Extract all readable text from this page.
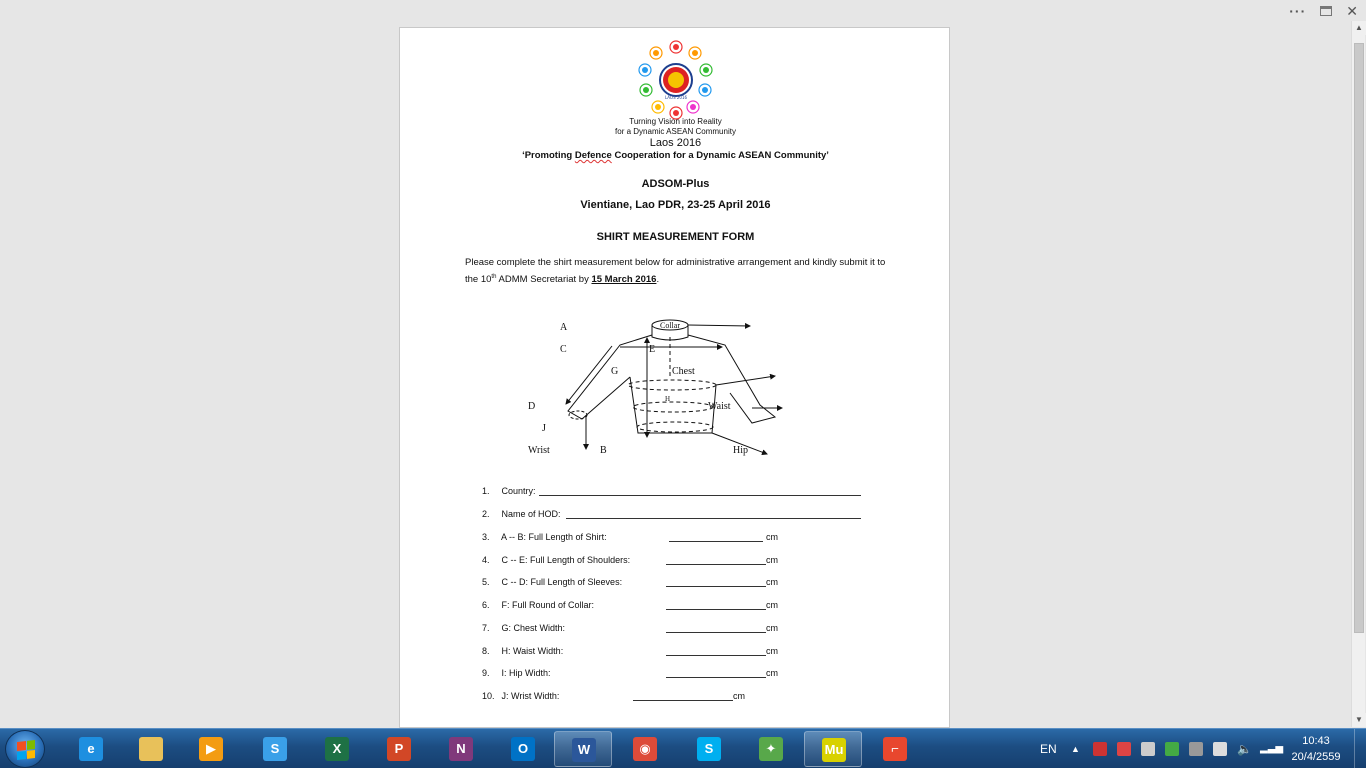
···	✕
▲
▼
LAOS 2016
Turning Vision into Reality
for a Dynamic ASEAN Community
Laos 2016
‘Promoting Defence Cooperation for a Dynamic ASEAN Community’
ADSOM-Plus
Vientiane, Lao PDR, 23-25 April 2016
SHIRT MEASUREMENT FORM
Please complete the shirt measurement below for administrative arrangement and kindly submit it to the 10th ADMM Secretariat by 15 March 2016.
A
C	E
Collar
G	Chest
H
Waist
D
J
Wrist	B	Hip
1. Country:
2. Name of HOD:
3. A -- B: Full Length of Shirt:	cm
4. C -- E: Full Length of Shoulders:	cm
5. C -- D: Full Length of Sleeves:	cm
6. F: Full Round of Collar:	cm
7. G: Chest Width:	cm
8. H: Waist Width:	cm
9. I: Hip Width:	cm
10. J: Wrist Width:	cm
e	▶	S	X	P	N	O	W	◉	S	✦	Mu	⌐	EN ▲	🔈 ▂▃▅
10:43
20/4/2559
